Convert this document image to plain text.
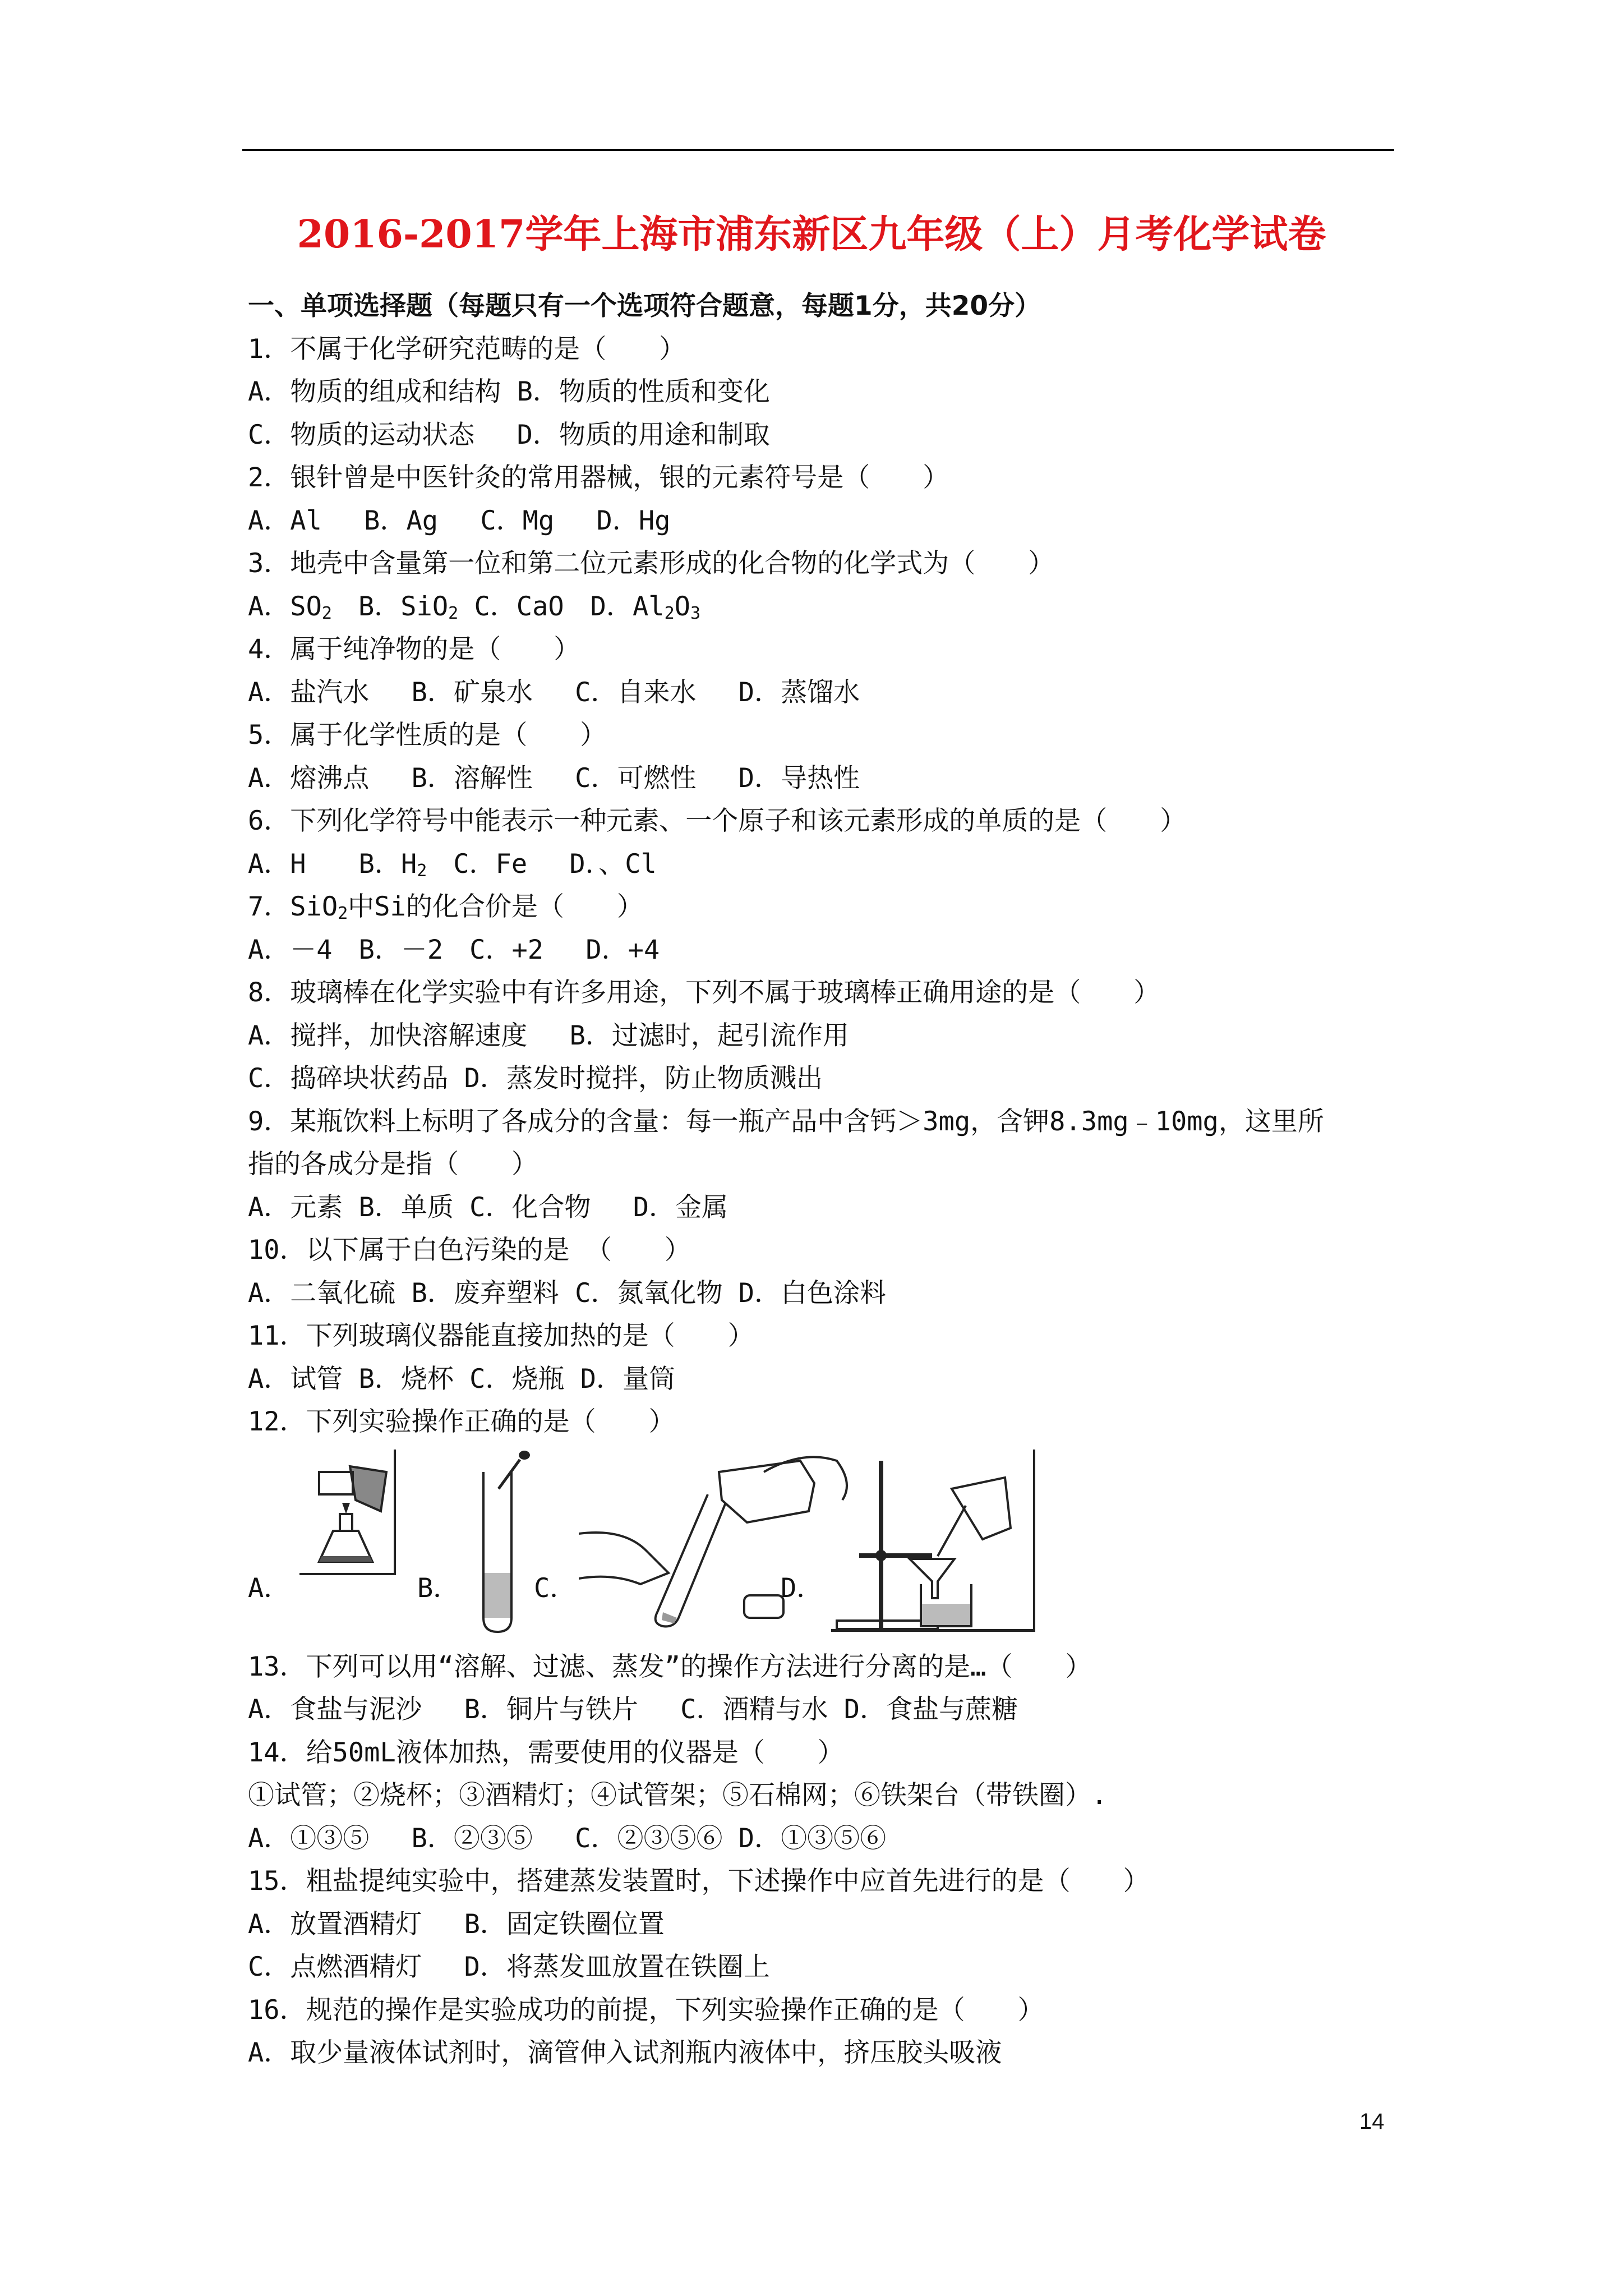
2016-2017学年上海市浦东新区九年级（上）月考化学试卷
一、单项选择题（每题只有一个选项符合题意，每题1分，共20分）
1．不属于化学研究范畴的是（　　）
A．物质的组成和结构 B．物质的性质和变化
C．物质的运动状态　 D．物质的用途和制取
2．银针曾是中医针灸的常用器械，银的元素符号是（　　）
A．Al　 B．Ag　 C．Mg　 D．Hg
3．地壳中含量第一位和第二位元素形成的化合物的化学式为（　　）
A．$SO_2$　B．SiO$_2$ C．CaO　D．$Al_2O_3$
4．属于纯净物的是（　　）
A．盐汽水　 B．矿泉水　 C．自来水　 D．蒸馏水
5．属于化学性质的是（　　）
A．熔沸点　 B．溶解性　 C．可燃性　 D．导热性
6．下列化学符号中能表示一种元素、一个原子和该元素形成的单质的是（　　）
A．H　　B．$H_2$　C．Fe　 D．、Cl
7．SiO$_2$中Si的化合价是（　　）
A．－4　B．－2　C．+2　 D．+4
8．玻璃棒在化学实验中有许多用途，下列不属于玻璃棒正确用途的是（　　）
A．搅拌，加快溶解速度　 B．过滤时，起引流作用
C．捣碎块状药品 D．蒸发时搅拌，防止物质溅出
9．某瓶饮料上标明了各成分的含量：每一瓶产品中含钙＞3mg，含钾8.3mg﹣10mg，这里所
指的各成分是指（　　）
A．元素 B．单质 C．化合物　 D．金属
10．以下属于白色污染的是 （　　）
A．二氧化硫 B．废弃塑料 C．氮氧化物 D．白色涂料
11．下列玻璃仪器能直接加热的是（　　）
A．试管 B．烧杯 C．烧瓶 D．量筒
12．下列实验操作正确的是（　　）
A．	B．	C．	D．
13．下列可以用“溶解、过滤、蒸发”的操作方法进行分离的是…（　　）
A．食盐与泥沙　 B．铜片与铁片　 C．酒精与水 D．食盐与蔗糖
14．给50mL液体加热，需要使用的仪器是（　　）
①试管；②烧杯；③酒精灯；④试管架；⑤石棉网；⑥铁架台（带铁圈）.
A．①③⑤　 B．②③⑤　 C．②③⑤⑥ D．①③⑤⑥
15．粗盐提纯实验中，搭建蒸发装置时，下述操作中应首先进行的是（　　）
A．放置酒精灯　 B．固定铁圈位置
C．点燃酒精灯　 D．将蒸发皿放置在铁圈上
16．规范的操作是实验成功的前提，下列实验操作正确的是（　　）
A．取少量液体试剂时，滴管伸入试剂瓶内液体中，挤压胶头吸液
14
